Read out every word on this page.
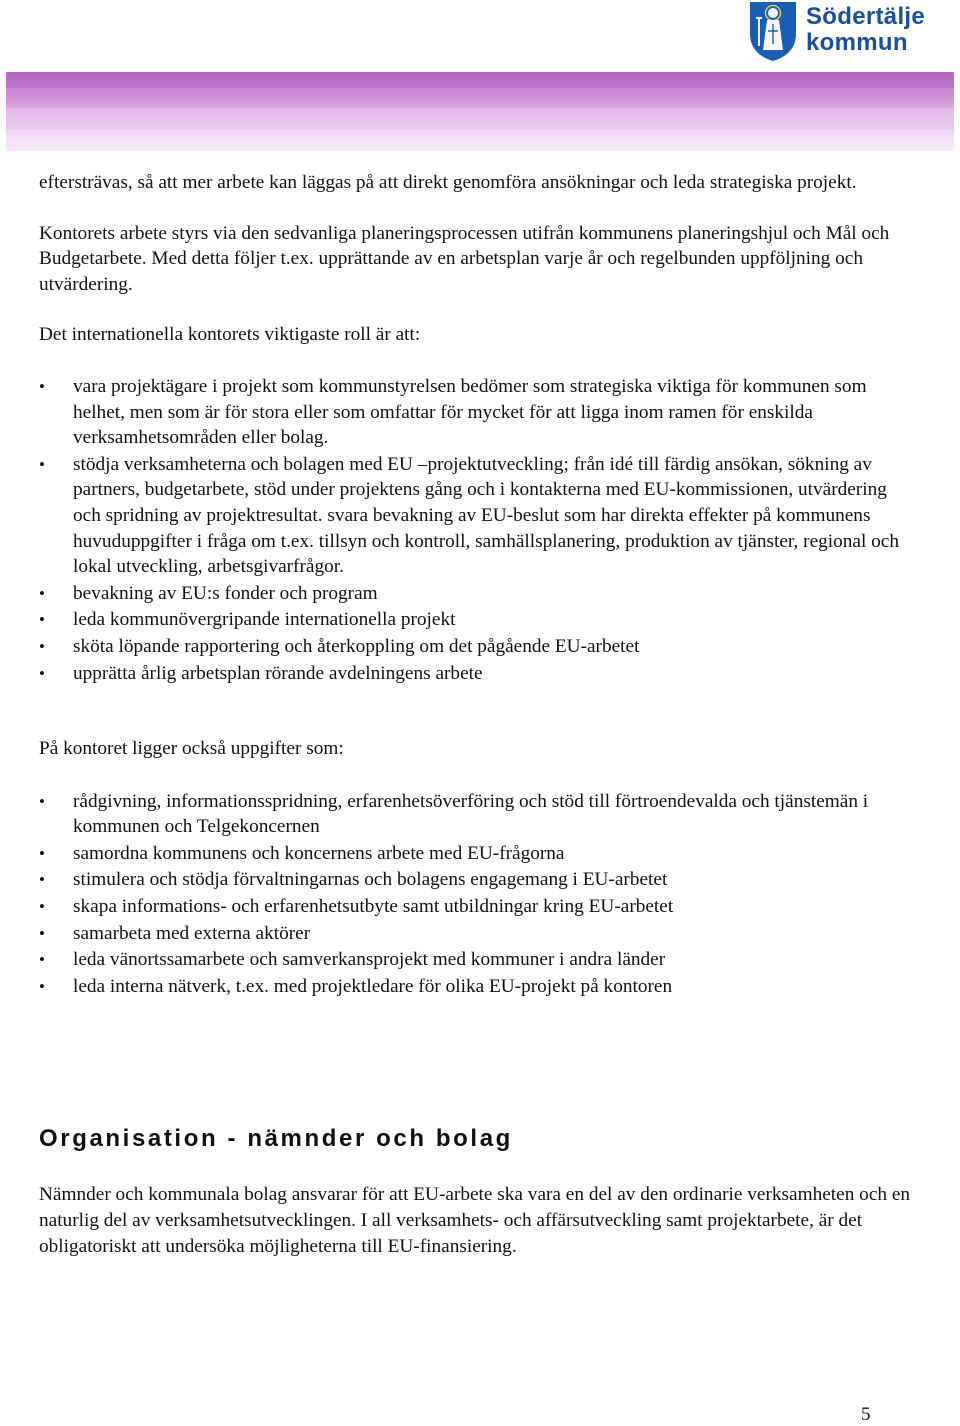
Södertälje
kommun

eftersträvas, så att mer arbete kan läggas på att direkt genomföra ansökningar och leda strategiska projekt.

Kontorets arbete styrs via den sedvanliga planeringsprocessen utifrån kommunens planeringshjul och Mål och Budgetarbete. Med detta följer t.ex. upprättande av en arbetsplan varje år och regelbunden uppföljning och utvärdering.

Det internationella kontorets viktigaste roll är att:

• vara projektägare i projekt som kommunstyrelsen bedömer som strategiska viktiga för kommunen som helhet, men som är för stora eller som omfattar för mycket för att ligga inom ramen för enskilda verksamhetsområden eller bolag.
• stödja verksamheterna och bolagen med EU –projektutveckling; från idé till färdig ansökan, sökning av partners, budgetarbete, stöd under projektens gång och i kontakterna med EU-kommissionen, utvärdering och spridning av projektresultat. svara bevakning av EU-beslut som har direkta effekter på kommunens huvuduppgifter i fråga om t.ex. tillsyn och kontroll, samhällsplanering, produktion av tjänster, regional och lokal utveckling, arbetsgivarfrågor.
• bevakning av EU:s fonder och program
• leda kommunövergripande internationella projekt
• sköta löpande rapportering och återkoppling om det pågående EU-arbetet
• upprätta årlig arbetsplan rörande avdelningens arbete

På kontoret ligger också uppgifter som:

• rådgivning, informationsspridning, erfarenhetsöverföring och stöd till förtroendevalda och tjänstemän i kommunen och Telgekoncernen
• samordna kommunens och koncernens arbete med EU-frågorna
• stimulera och stödja förvaltningarnas och bolagens engagemang i EU-arbetet
• skapa informations- och erfarenhetsutbyte samt utbildningar kring EU-arbetet
• samarbeta med externa aktörer
• leda vänortssamarbete och samverkansprojekt med kommuner i andra länder
• leda interna nätverk, t.ex. med projektledare för olika EU-projekt på kontoren
Organisation - nämnder och bolag

Nämnder och kommunala bolag ansvarar för att EU-arbete ska vara en del av den ordinarie verksamheten och en naturlig del av verksamhetsutvecklingen. I all verksamhets- och affärsutveckling samt projektarbete, är det obligatoriskt att undersöka möjligheterna till EU-finansiering.

5
